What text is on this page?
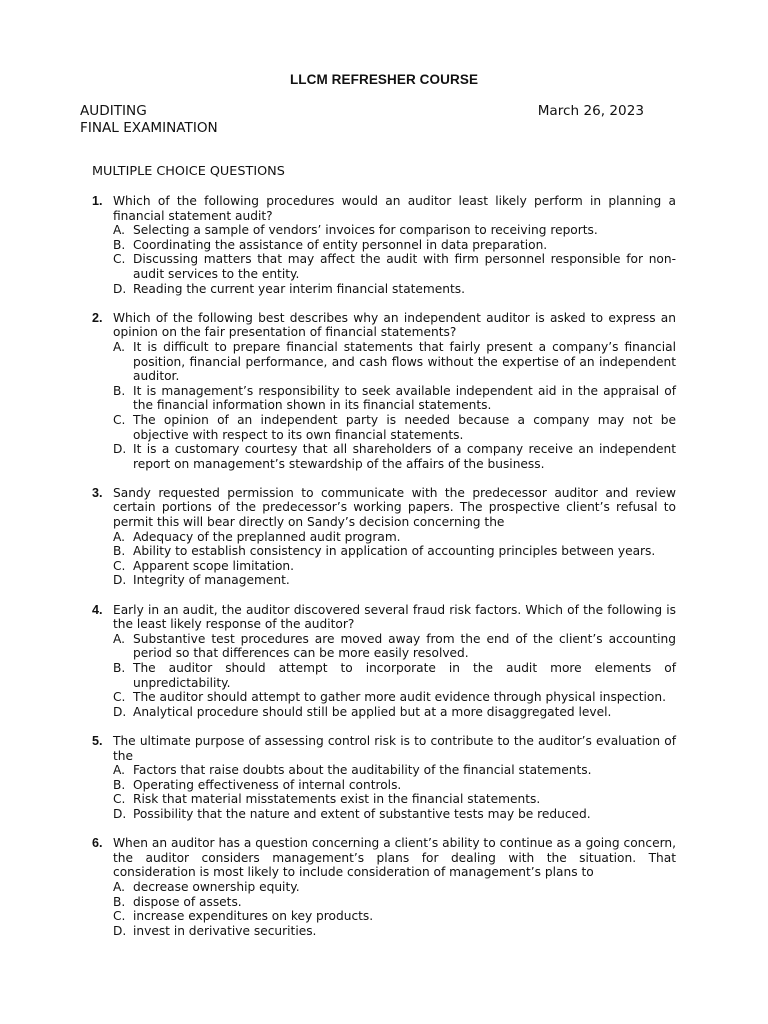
LLCM REFRESHER COURSE
AUDITING
FINAL EXAMINATION
March 26, 2023
MULTIPLE CHOICE QUESTIONS
1. Which of the following procedures would an auditor least likely perform in planning a financial statement audit?
A. Selecting a sample of vendors’ invoices for comparison to receiving reports.
B. Coordinating the assistance of entity personnel in data preparation.
C. Discussing matters that may affect the audit with firm personnel responsible for non-audit services to the entity.
D. Reading the current year interim financial statements.
2. Which of the following best describes why an independent auditor is asked to express an opinion on the fair presentation of financial statements?
A. It is difficult to prepare financial statements that fairly present a company’s financial position, financial performance, and cash flows without the expertise of an independent auditor.
B. It is management’s responsibility to seek available independent aid in the appraisal of the financial information shown in its financial statements.
C. The opinion of an independent party is needed because a company may not be objective with respect to its own financial statements.
D. It is a customary courtesy that all shareholders of a company receive an independent report on management’s stewardship of the affairs of the business.
3. Sandy requested permission to communicate with the predecessor auditor and review certain portions of the predecessor’s working papers. The prospective client’s refusal to permit this will bear directly on Sandy’s decision concerning the
A. Adequacy of the preplanned audit program.
B. Ability to establish consistency in application of accounting principles between years.
C. Apparent scope limitation.
D. Integrity of management.
4. Early in an audit, the auditor discovered several fraud risk factors. Which of the following is the least likely response of the auditor?
A. Substantive test procedures are moved away from the end of the client’s accounting period so that differences can be more easily resolved.
B. The auditor should attempt to incorporate in the audit more elements of unpredictability.
C. The auditor should attempt to gather more audit evidence through physical inspection.
D. Analytical procedure should still be applied but at a more disaggregated level.
5. The ultimate purpose of assessing control risk is to contribute to the auditor’s evaluation of the
A. Factors that raise doubts about the auditability of the financial statements.
B. Operating effectiveness of internal controls.
C. Risk that material misstatements exist in the financial statements.
D. Possibility that the nature and extent of substantive tests may be reduced.
6. When an auditor has a question concerning a client’s ability to continue as a going concern, the auditor considers management’s plans for dealing with the situation. That consideration is most likely to include consideration of management’s plans to
A. decrease ownership equity.
B. dispose of assets.
C. increase expenditures on key products.
D. invest in derivative securities.
